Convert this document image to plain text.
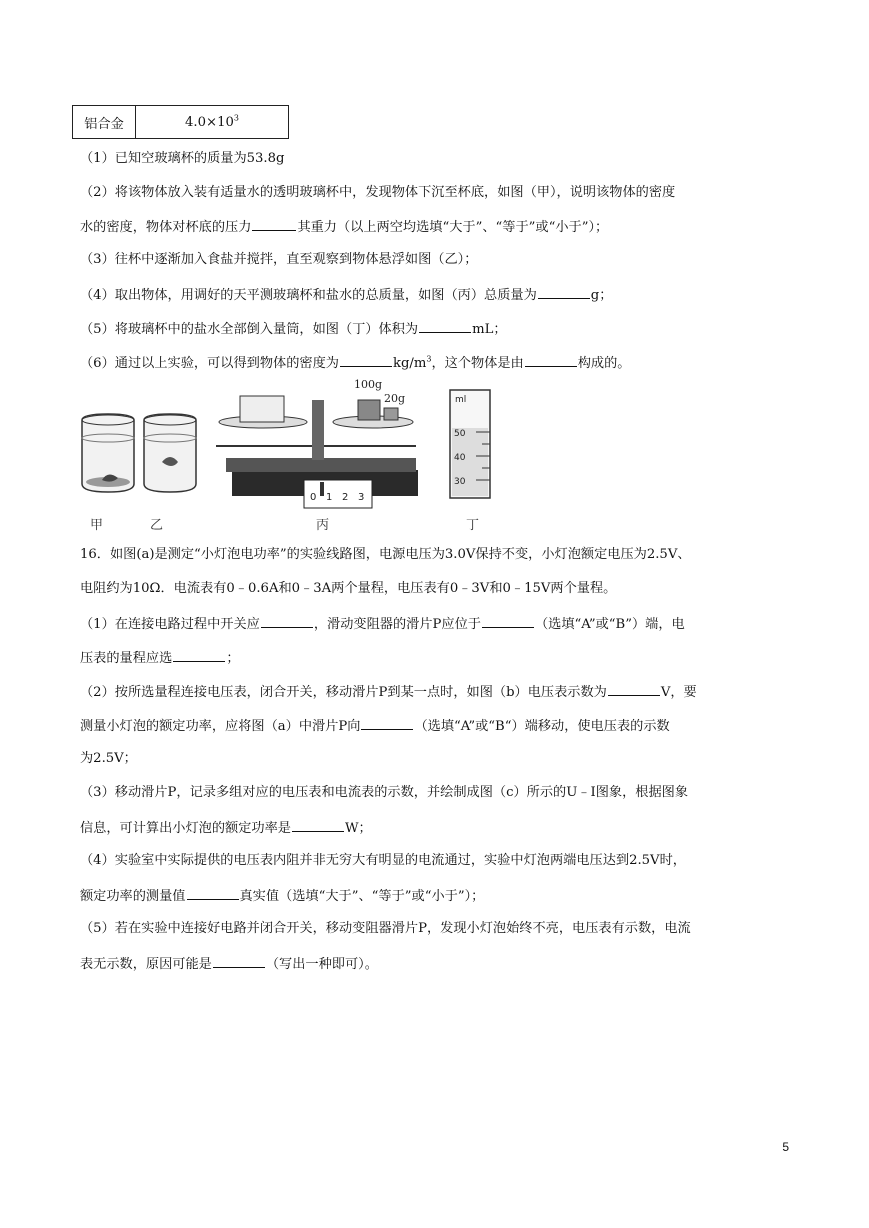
铝合金	$4.0\times 10^3$
（1）已知空玻璃杯的质量为53.8g
（2）将该物体放入装有适量水的透明玻璃杯中，发现物体下沉至杯底，如图（甲），说明该物体的密度
水的密度，物体对杯底的压力	其重力（以上两空均选填“大于”、“等于”或“小于”）；
（3）往杯中逐渐加入食盐并搅拌，直至观察到物体悬浮如图（乙）；
（4）取出物体，用调好的天平测玻璃杯和盐水的总质量，如图（丙）总质量为	g；
（5）将玻璃杯中的盐水全部倒入量筒，如图（丁）体积为	mL；
（6）通过以上实验，可以得到物体的密度为	$kg/m^3$，这个物体是由	构成的。
100g
20g
0 1 2 3
ml
50
40
30
甲	乙	丙	丁
16．如图(a)是测定“小灯泡电功率”的实验线路图，电源电压为3.0V保持不变，小灯泡额定电压为2.5V、
电阻约为10Ω．电流表有0﹣0.6A和0﹣3A两个量程，电压表有0﹣3V和0﹣15V两个量程。
（1）在连接电路过程中开关应	，滑动变阻器的滑片P应位于	（选填“A”或“B”）端，电
压表的量程应选	；
（2）按所选量程连接电压表，闭合开关，移动滑片P到某一点时，如图（b）电压表示数为	V，要
测量小灯泡的额定功率，应将图（a）中滑片P向	（选填“A”或“B“）端移动，使电压表的示数
为2.5V；
（3）移动滑片P，记录多组对应的电压表和电流表的示数，并绘制成图（c）所示的U﹣I图象，根据图象
信息，可计算出小灯泡的额定功率是	W；
（4）实验室中实际提供的电压表内阻并非无穷大有明显的电流通过，实验中灯泡两端电压达到2.5V时，
额定功率的测量值	真实值（选填“大于”、“等于”或“小于”）；
（5）若在实验中连接好电路并闭合开关，移动变阻器滑片P，发现小灯泡始终不亮，电压表有示数，电流
表无示数，原因可能是	（写出一种即可）。
5
